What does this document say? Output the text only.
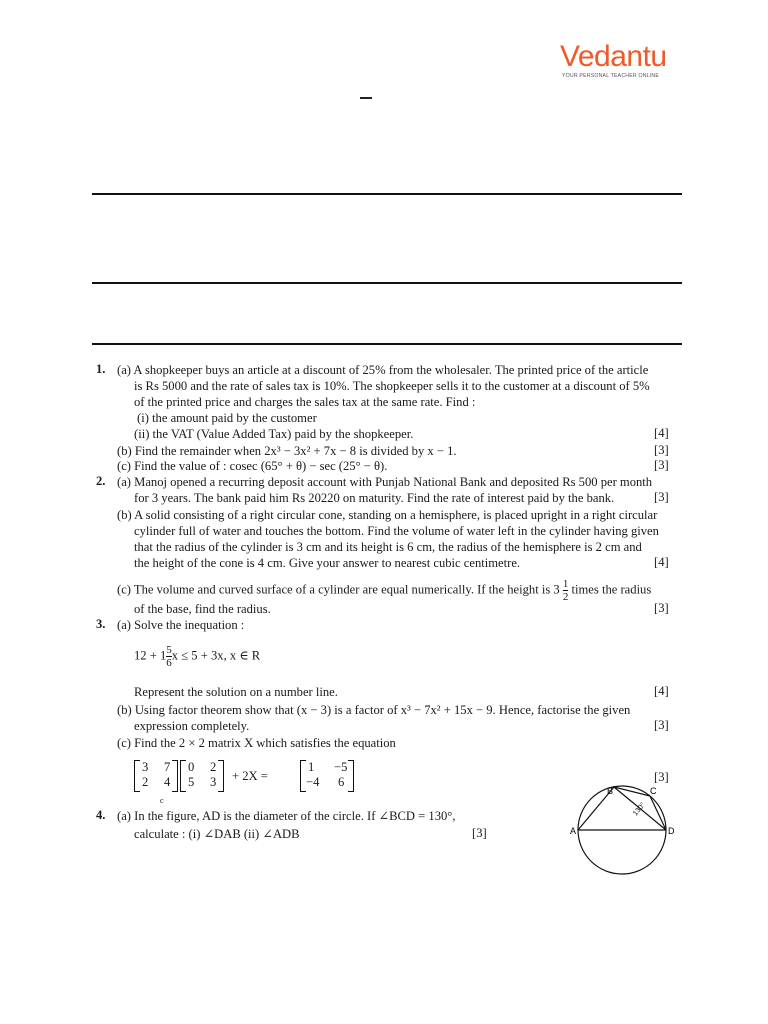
Vedantu
YOUR PERSONAL TEACHER ONLINE
1. (a) A shopkeeper buys an article at a discount of 25% from the wholesaler. The printed price of the article
is Rs 5000 and the rate of sales tax is 10%. The shopkeeper sells it to the customer at a discount of 5%
of the printed price and charges the sales tax at the same rate. Find :
(i) the amount paid by the customer
(ii) the VAT (Value Added Tax) paid by the shopkeeper.	[4]
(b) Find the remainder when 2x³ − 3x² + 7x − 8 is divided by x − 1.	[3]
(c) Find the value of : cosec (65° + θ) − sec (25° − θ).	[3]
2. (a) Manoj opened a recurring deposit account with Punjab National Bank and deposited Rs 500 per month
for 3 years. The bank paid him Rs 20220 on maturity. Find the rate of interest paid by the bank.	[3]
(b) A solid consisting of a right circular cone, standing on a hemisphere, is placed upright in a right circular
cylinder full of water and touches the bottom. Find the volume of water left in the cylinder having given
that the radius of the cylinder is 3 cm and its height is 6 cm, the radius of the hemisphere is 2 cm and
the height of the cone is 4 cm. Give your answer to nearest cubic centimetre.	[4]
(c) The volume and curved surface of a cylinder are equal numerically. If the height is $3 \frac{1}{2}$ times the radius
of the base, find the radius.	[3]
3. (a) Solve the inequation :
$12 + 1 \frac{5}{6}$ x ≤ 5 + 3x, x ∈ R
Represent the solution on a number line.	[4]
(b) Using factor theorem show that (x − 3) is a factor of x³ − 7x² + 15x − 9. Hence, factorise the given
expression completely.	[3]
(c) Find the 2 × 2 matrix X which satisfies the equation
3 7
2 4
0 2
5 3 + 2X =
1 −5
−4 6	[3]
c
4. (a) In the figure, AD is the diameter of the circle. If ∠BCD = 130°,
calculate : (i) ∠DAB (ii) ∠ADB	[3]
B	C
A	D
130°
